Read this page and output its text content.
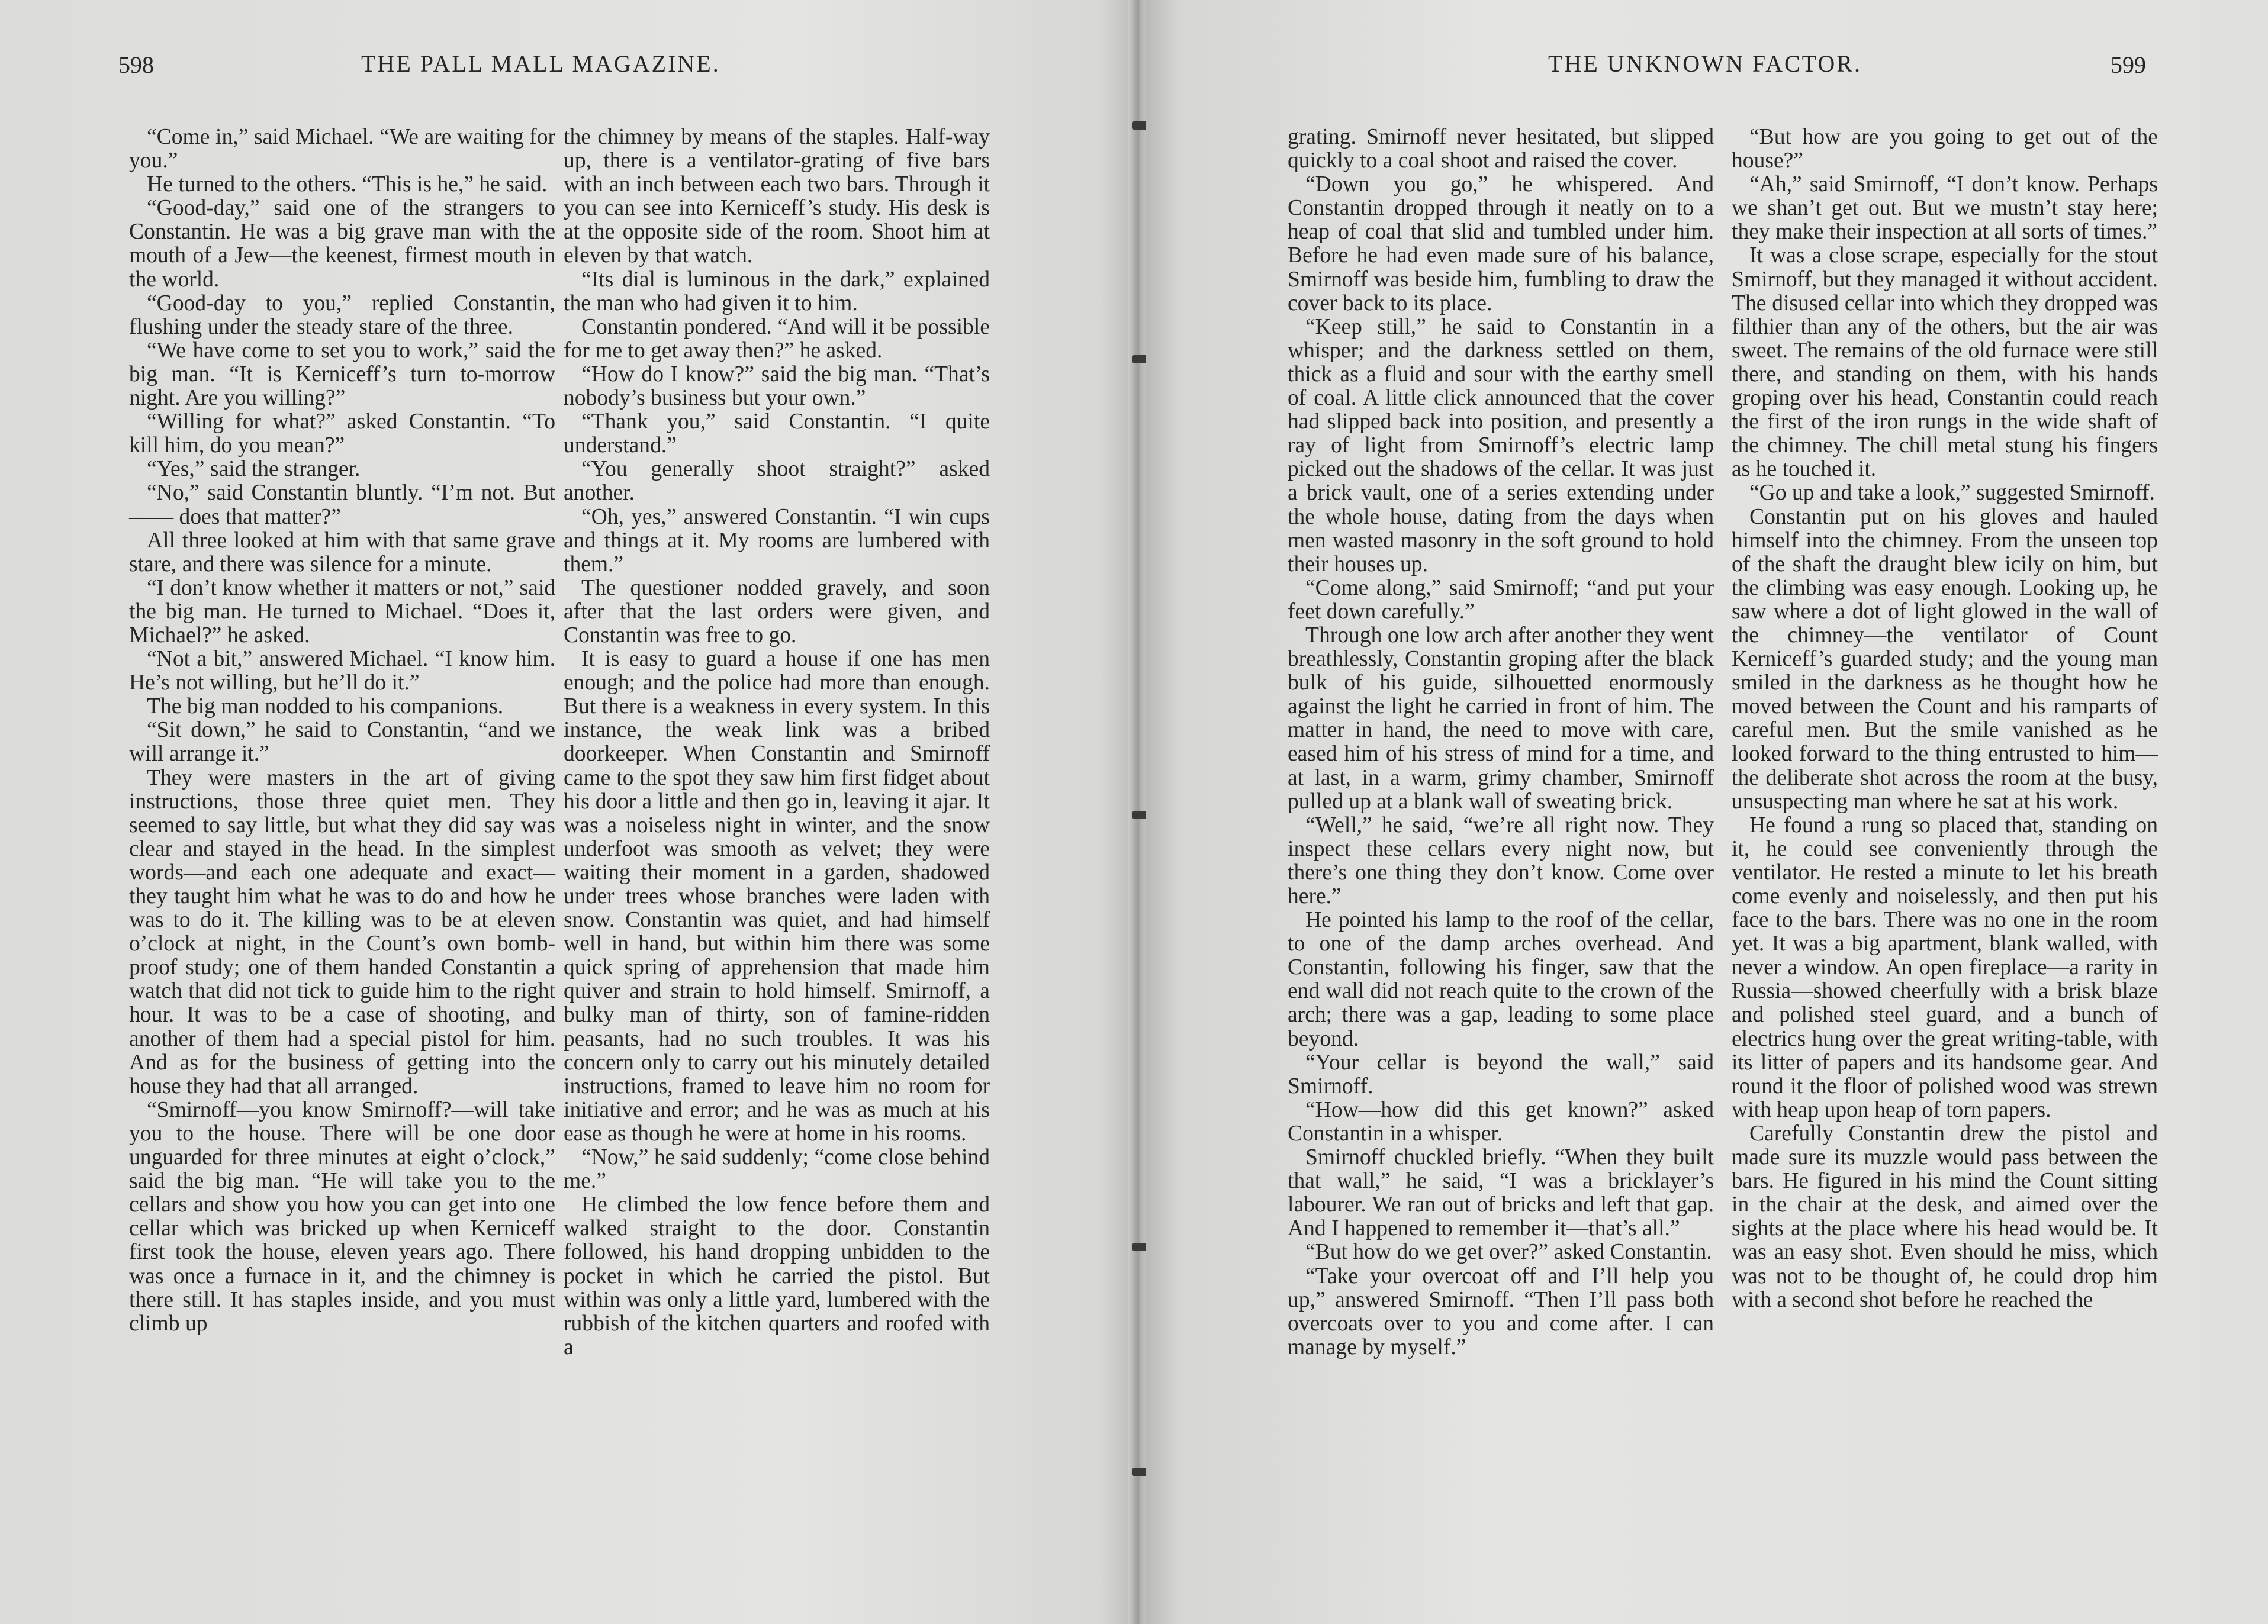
598	THE PALL MALL MAGAZINE.

“Come in,” said Michael. “We are waiting for you.”

He turned to the others. “This is he,” he said.

“Good-day,” said one of the strangers to Constantin. He was a big grave man with the mouth of a Jew—the keenest, firmest mouth in the world.

“Good-day to you,” replied Constantin, flushing under the steady stare of the three.

“We have come to set you to work,” said the big man. “It is Kerniceff’s turn to-morrow night. Are you willing?”

“Willing for what?” asked Constantin. “To kill him, do you mean?”

“Yes,” said the stranger.

“No,” said Constantin bluntly. “I’m not. But—— does that matter?”

All three looked at him with that same grave stare, and there was silence for a minute.

“I don’t know whether it matters or not,” said the big man. He turned to Michael. “Does it, Michael?” he asked.

“Not a bit,” answered Michael. “I know him. He’s not willing, but he’ll do it.”

The big man nodded to his companions.

“Sit down,” he said to Constantin, “and we will arrange it.”

They were masters in the art of giving instructions, those three quiet men. They seemed to say little, but what they did say was clear and stayed in the head. In the simplest words—and each one adequate and exact—they taught him what he was to do and how he was to do it. The killing was to be at eleven o’clock at night, in the Count’s own bomb-proof study; one of them handed Constantin a watch that did not tick to guide him to the right hour. It was to be a case of shooting, and another of them had a special pistol for him. And as for the business of getting into the house they had that all arranged.

“Smirnoff—you know Smirnoff?—will take you to the house. There will be one door unguarded for three minutes at eight o’clock,” said the big man. “He will take you to the cellars and show you how you can get into one cellar which was bricked up when Kerniceff first took the house, eleven years ago. There was once a furnace in it, and the chimney is there still. It has staples inside, and you must climb up

the chimney by means of the staples. Half-way up, there is a ventilator-grating of five bars with an inch between each two bars. Through it you can see into Kerniceff’s study. His desk is at the opposite side of the room. Shoot him at eleven by that watch.

“Its dial is luminous in the dark,” explained the man who had given it to him.

Constantin pondered. “And will it be possible for me to get away then?” he asked.

“How do I know?” said the big man. “That’s nobody’s business but your own.”

“Thank you,” said Constantin. “I quite understand.”

“You generally shoot straight?” asked another.

“Oh, yes,” answered Constantin. “I win cups and things at it. My rooms are lumbered with them.”

The questioner nodded gravely, and soon after that the last orders were given, and Constantin was free to go.

It is easy to guard a house if one has men enough; and the police had more than enough. But there is a weakness in every system. In this instance, the weak link was a bribed doorkeeper. When Constantin and Smirnoff came to the spot they saw him first fidget about his door a little and then go in, leaving it ajar. It was a noiseless night in winter, and the snow underfoot was smooth as velvet; they were waiting their moment in a garden, shadowed under trees whose branches were laden with snow. Constantin was quiet, and had himself well in hand, but within him there was some quick spring of apprehension that made him quiver and strain to hold himself. Smirnoff, a bulky man of thirty, son of famine-ridden peasants, had no such troubles. It was his concern only to carry out his minutely detailed instructions, framed to leave him no room for initiative and error; and he was as much at his ease as though he were at home in his rooms.

“Now,” he said suddenly; “come close behind me.”

He climbed the low fence before them and walked straight to the door. Constantin followed, his hand dropping unbidden to the pocket in which he carried the pistol. But within was only a little yard, lumbered with the rubbish of the kitchen quarters and roofed with a

THE UNKNOWN FACTOR.	599

grating. Smirnoff never hesitated, but slipped quickly to a coal shoot and raised the cover.

“Down you go,” he whispered. And Constantin dropped through it neatly on to a heap of coal that slid and tumbled under him. Before he had even made sure of his balance, Smirnoff was beside him, fumbling to draw the cover back to its place.

“Keep still,” he said to Constantin in a whisper; and the darkness settled on them, thick as a fluid and sour with the earthy smell of coal. A little click announced that the cover had slipped back into position, and presently a ray of light from Smirnoff’s electric lamp picked out the shadows of the cellar. It was just a brick vault, one of a series extending under the whole house, dating from the days when men wasted masonry in the soft ground to hold their houses up.

“Come along,” said Smirnoff; “and put your feet down carefully.”

Through one low arch after another they went breathlessly, Constantin groping after the black bulk of his guide, silhouetted enormously against the light he carried in front of him. The matter in hand, the need to move with care, eased him of his stress of mind for a time, and at last, in a warm, grimy chamber, Smirnoff pulled up at a blank wall of sweating brick.

“Well,” he said, “we’re all right now. They inspect these cellars every night now, but there’s one thing they don’t know. Come over here.”

He pointed his lamp to the roof of the cellar, to one of the damp arches overhead. And Constantin, following his finger, saw that the end wall did not reach quite to the crown of the arch; there was a gap, leading to some place beyond.

“Your cellar is beyond the wall,” said Smirnoff.

“How—how did this get known?” asked Constantin in a whisper.

Smirnoff chuckled briefly. “When they built that wall,” he said, “I was a bricklayer’s labourer. We ran out of bricks and left that gap. And I happened to remember it—that’s all.”

“But how do we get over?” asked Constantin.

“Take your overcoat off and I’ll help you up,” answered Smirnoff. “Then I’ll pass both overcoats over to you and come after. I can manage by myself.”

“But how are you going to get out of the house?”

“Ah,” said Smirnoff, “I don’t know. Perhaps we shan’t get out. But we mustn’t stay here; they make their inspection at all sorts of times.”

It was a close scrape, especially for the stout Smirnoff, but they managed it without accident. The disused cellar into which they dropped was filthier than any of the others, but the air was sweet. The remains of the old furnace were still there, and standing on them, with his hands groping over his head, Constantin could reach the first of the iron rungs in the wide shaft of the chimney. The chill metal stung his fingers as he touched it.

“Go up and take a look,” suggested Smirnoff.

Constantin put on his gloves and hauled himself into the chimney. From the unseen top of the shaft the draught blew icily on him, but the climbing was easy enough. Looking up, he saw where a dot of light glowed in the wall of the chimney—the ventilator of Count Kerniceff’s guarded study; and the young man smiled in the darkness as he thought how he moved between the Count and his ramparts of careful men. But the smile vanished as he looked forward to the thing entrusted to him—the deliberate shot across the room at the busy, unsuspecting man where he sat at his work.

He found a rung so placed that, standing on it, he could see conveniently through the ventilator. He rested a minute to let his breath come evenly and noiselessly, and then put his face to the bars. There was no one in the room yet. It was a big apartment, blank walled, with never a window. An open fireplace—a rarity in Russia—showed cheerfully with a brisk blaze and polished steel guard, and a bunch of electrics hung over the great writing-table, with its litter of papers and its handsome gear. And round it the floor of polished wood was strewn with heap upon heap of torn papers.

Carefully Constantin drew the pistol and made sure its muzzle would pass between the bars. He figured in his mind the Count sitting in the chair at the desk, and aimed over the sights at the place where his head would be. It was an easy shot. Even should he miss, which was not to be thought of, he could drop him with a second shot before he reached the
